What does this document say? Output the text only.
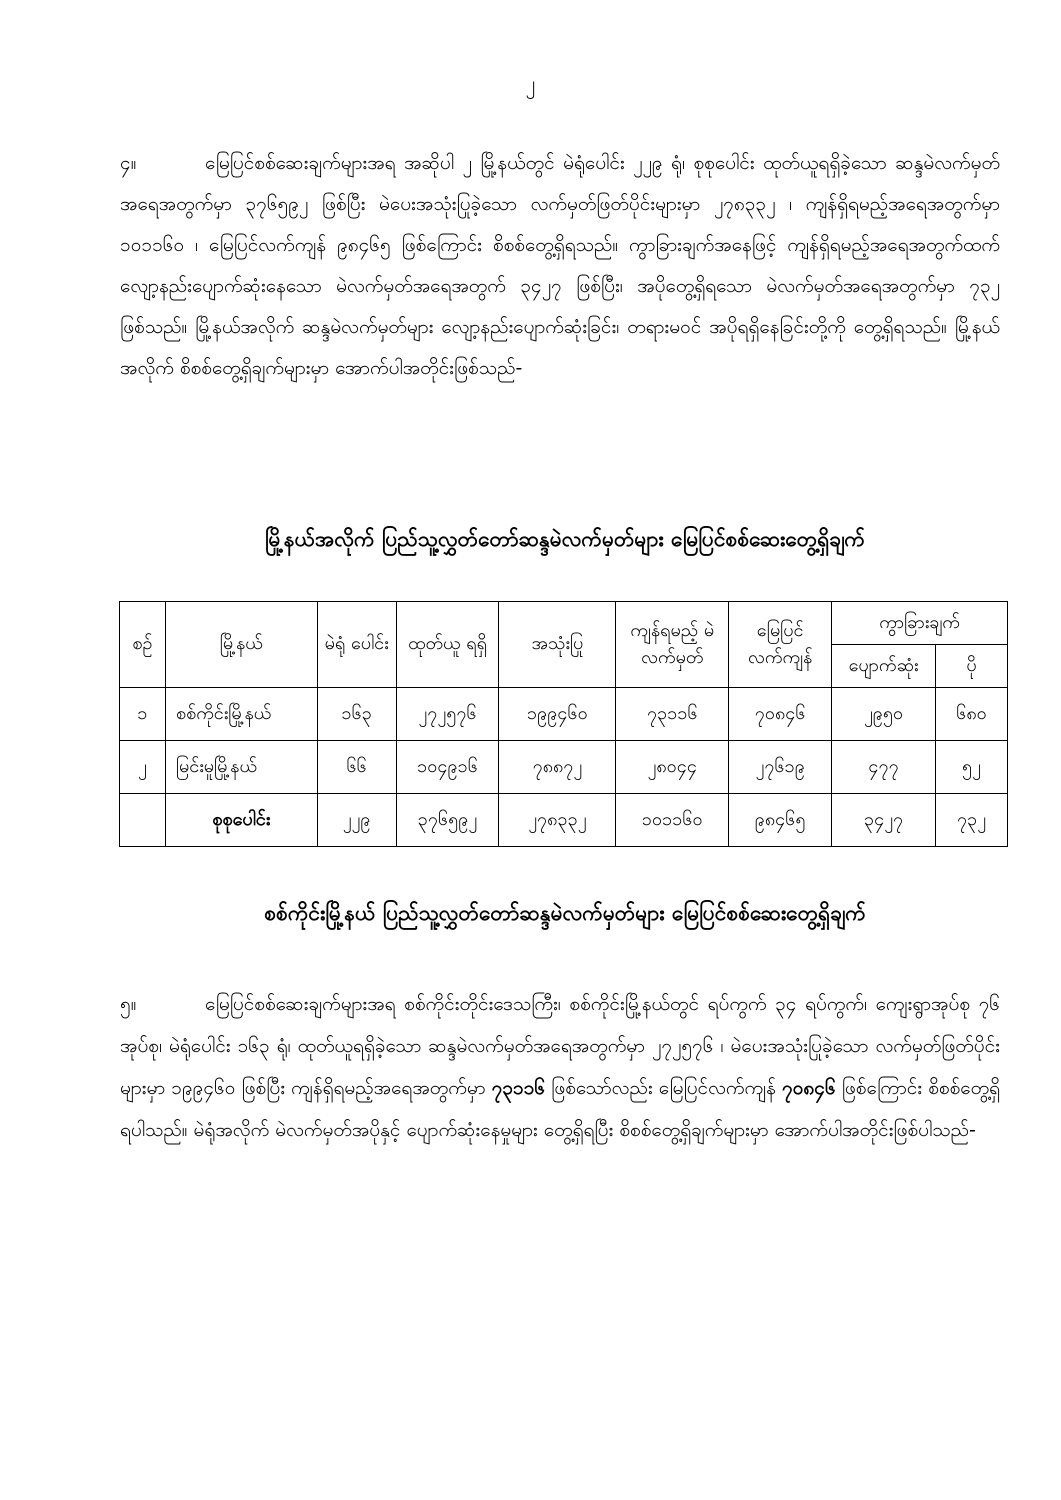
၂

၄။	မြေပြင်စစ်ဆေးချက်များအရ အဆိုပါ ၂ မြို့နယ်တွင် မဲရုံပေါင်း ၂၂၉ ရုံ၊ စုစုပေါင်း ထုတ်ယူရရှိခဲ့သော ဆန္ဒမဲလက်မှတ်အရေအတွက်မှာ ၃၇၆၅၉၂ ဖြစ်ပြီး မဲပေးအသုံးပြုခဲ့သော လက်မှတ်ဖြတ်ပိုင်းများမှာ ၂၇၈၃၃၂ ၊ ကျန်ရှိရမည့်အရေအတွက်မှာ ၁၀၁၁၆၀ ၊ မြေပြင်လက်ကျန် ၉၈၄၆၅ ဖြစ်ကြောင်း စိစစ်တွေ့ရှိရသည်။ ကွာခြားချက်အနေဖြင့် ကျန်ရှိရမည့်အရေအတွက်ထက် လျော့နည်းပျောက်ဆုံးနေသော မဲလက်မှတ်အရေအတွက် ၃၄၂၇ ဖြစ်ပြီး၊ အပိုတွေ့ရှိရသော မဲလက်မှတ်အရေအတွက်မှာ ၇၃၂ ဖြစ်သည်။ မြို့နယ်အလိုက် ဆန္ဒမဲလက်မှတ်များ လျော့နည်းပျောက်ဆုံးခြင်း၊ တရားမဝင် အပိုရရှိနေခြင်းတို့ကို တွေ့ရှိရသည်။ မြို့နယ်အလိုက် စိစစ်တွေ့ရှိချက်များမှာ အောက်ပါအတိုင်းဖြစ်သည်-

မြို့နယ်အလိုက် ပြည်သူ့လွှတ်တော်ဆန္ဒမဲလက်မှတ်များ မြေပြင်စစ်ဆေးတွေ့ရှိချက်
စဉ်	မြို့နယ်	မဲရုံ ပေါင်း	ထုတ်ယူ ရရှိ	အသုံးပြု	ကျန်ရမည့် မဲလက်မှတ်	မြေပြင် လက်ကျန်	ကွာခြားချက်	
							ပျောက်ဆုံး	ပို
၁	စစ်ကိုင်းမြို့နယ်	၁၆၃	၂၇၂၅၇၆	၁၉၉၄၆၀	၇၃၁၁၆	၇၀၈၄၆	၂၉၅၀	၆၈၀
၂	မြင်းမူမြို့နယ်	၆၆	၁၀၄၉၁၆	၇၈၈၇၂	၂၈၀၄၄	၂၇၆၁၉	၄၇၇	၅၂
	စုစုပေါင်း	၂၂၉	၃၇၆၅၉၂	၂၇၈၃၃၂	၁၀၁၁၆၀	၉၈၄၆၅	၃၄၂၇	၇၃၂
စစ်ကိုင်းမြို့နယ် ပြည်သူ့လွှတ်တော်ဆန္ဒမဲလက်မှတ်များ မြေပြင်စစ်ဆေးတွေ့ရှိချက်

၅။	မြေပြင်စစ်ဆေးချက်များအရ စစ်ကိုင်းတိုင်းဒေသကြီး၊ စစ်ကိုင်းမြို့နယ်တွင် ရပ်ကွက် ၃၄ ရပ်ကွက်၊ ကျေးရွာအုပ်စု ၇၆ အုပ်စု၊ မဲရုံပေါင်း ၁၆၃ ရုံ၊ ထုတ်ယူရရှိခဲ့သော ဆန္ဒမဲလက်မှတ်အရေအတွက်မှာ ၂၇၂၅၇၆ ၊ မဲပေးအသုံးပြုခဲ့သော လက်မှတ်ဖြတ်ပိုင်းများမှာ ၁၉၉၄၆၀ ဖြစ်ပြီး ကျန်ရှိရမည့်အရေအတွက်မှာ ၇၃၁၁၆ ဖြစ်သော်လည်း မြေပြင်လက်ကျန် ၇၀၈၄၆ ဖြစ်ကြောင်း စိစစ်တွေ့ရှိရပါသည်။ မဲရုံအလိုက် မဲလက်မှတ်အပိုနှင့် ပျောက်ဆုံးနေမှုများ တွေ့ရှိရပြီး စိစစ်တွေ့ရှိချက်များမှာ အောက်ပါအတိုင်းဖြစ်ပါသည်-
